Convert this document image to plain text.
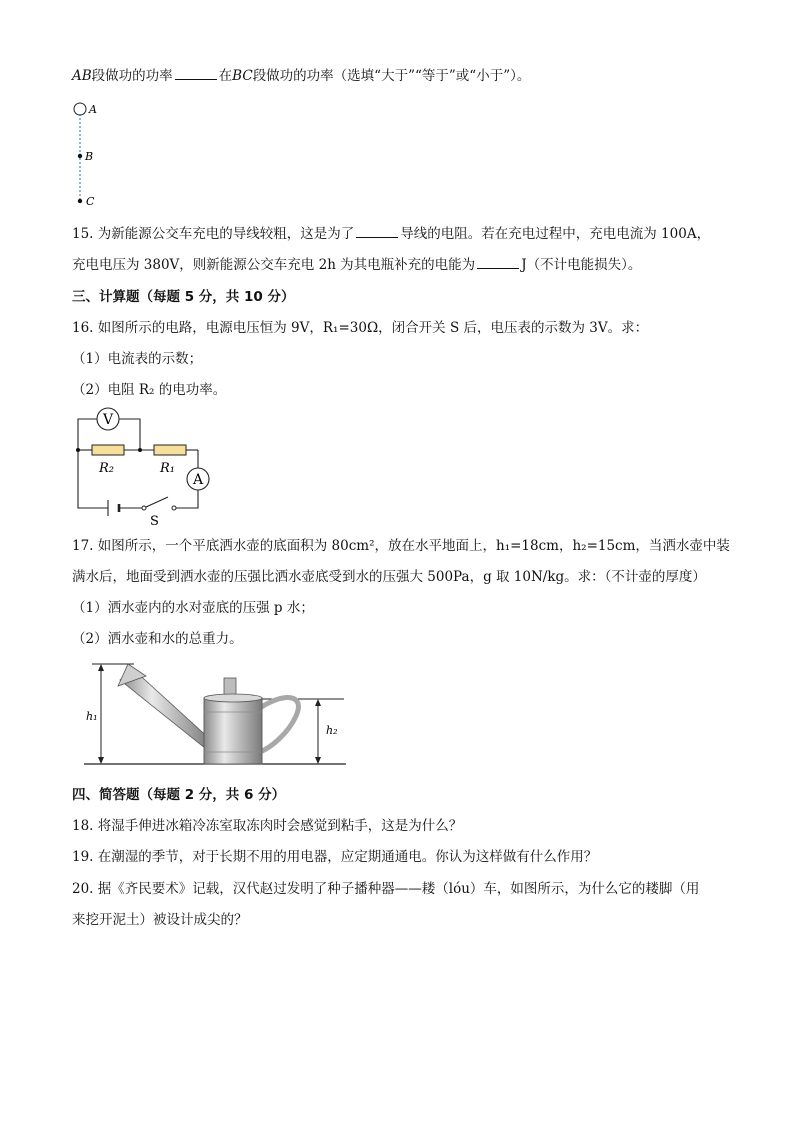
AB段做功的功率	在BC段做功的功率（选填“大于”“等于”或“小于”）。
A
B
C
15. 为新能源公交车充电的导线较粗，这是为了	导线的电阻。若在充电过程中，充电电流为 100A，
充电电压为 380V，则新能源公交车充电 2h 为其电瓶补充的电能为	J（不计电能损失）。
三、计算题（每题 5 分，共 10 分）
16. 如图所示的电路，电源电压恒为 9V，R₁=30Ω，闭合开关 S 后，电压表的示数为 3V。求：
（1）电流表的示数；
（2）电阻 R₂ 的电功率。
V
R₂	R₁
A
S
17. 如图所示，一个平底洒水壶的底面积为 80cm²，放在水平地面上，h₁=18cm，h₂=15cm，当洒水壶中装
满水后，地面受到洒水壶的压强比洒水壶底受到水的压强大 500Pa，g 取 10N/kg。求：（不计壶的厚度）
（1）洒水壶内的水对壶底的压强 p 水；
（2）洒水壶和水的总重力。
h₁
h₂
四、简答题（每题 2 分，共 6 分）
18. 将湿手伸进冰箱冷冻室取冻肉时会感觉到粘手，这是为什么？
19. 在潮湿的季节，对于长期不用的用电器，应定期通通电。你认为这样做有什么作用？
20. 据《齐民要术》记载，汉代赵过发明了种子播种器——耧（lóu）车，如图所示，为什么它的耧脚（用
来挖开泥土）被设计成尖的？
